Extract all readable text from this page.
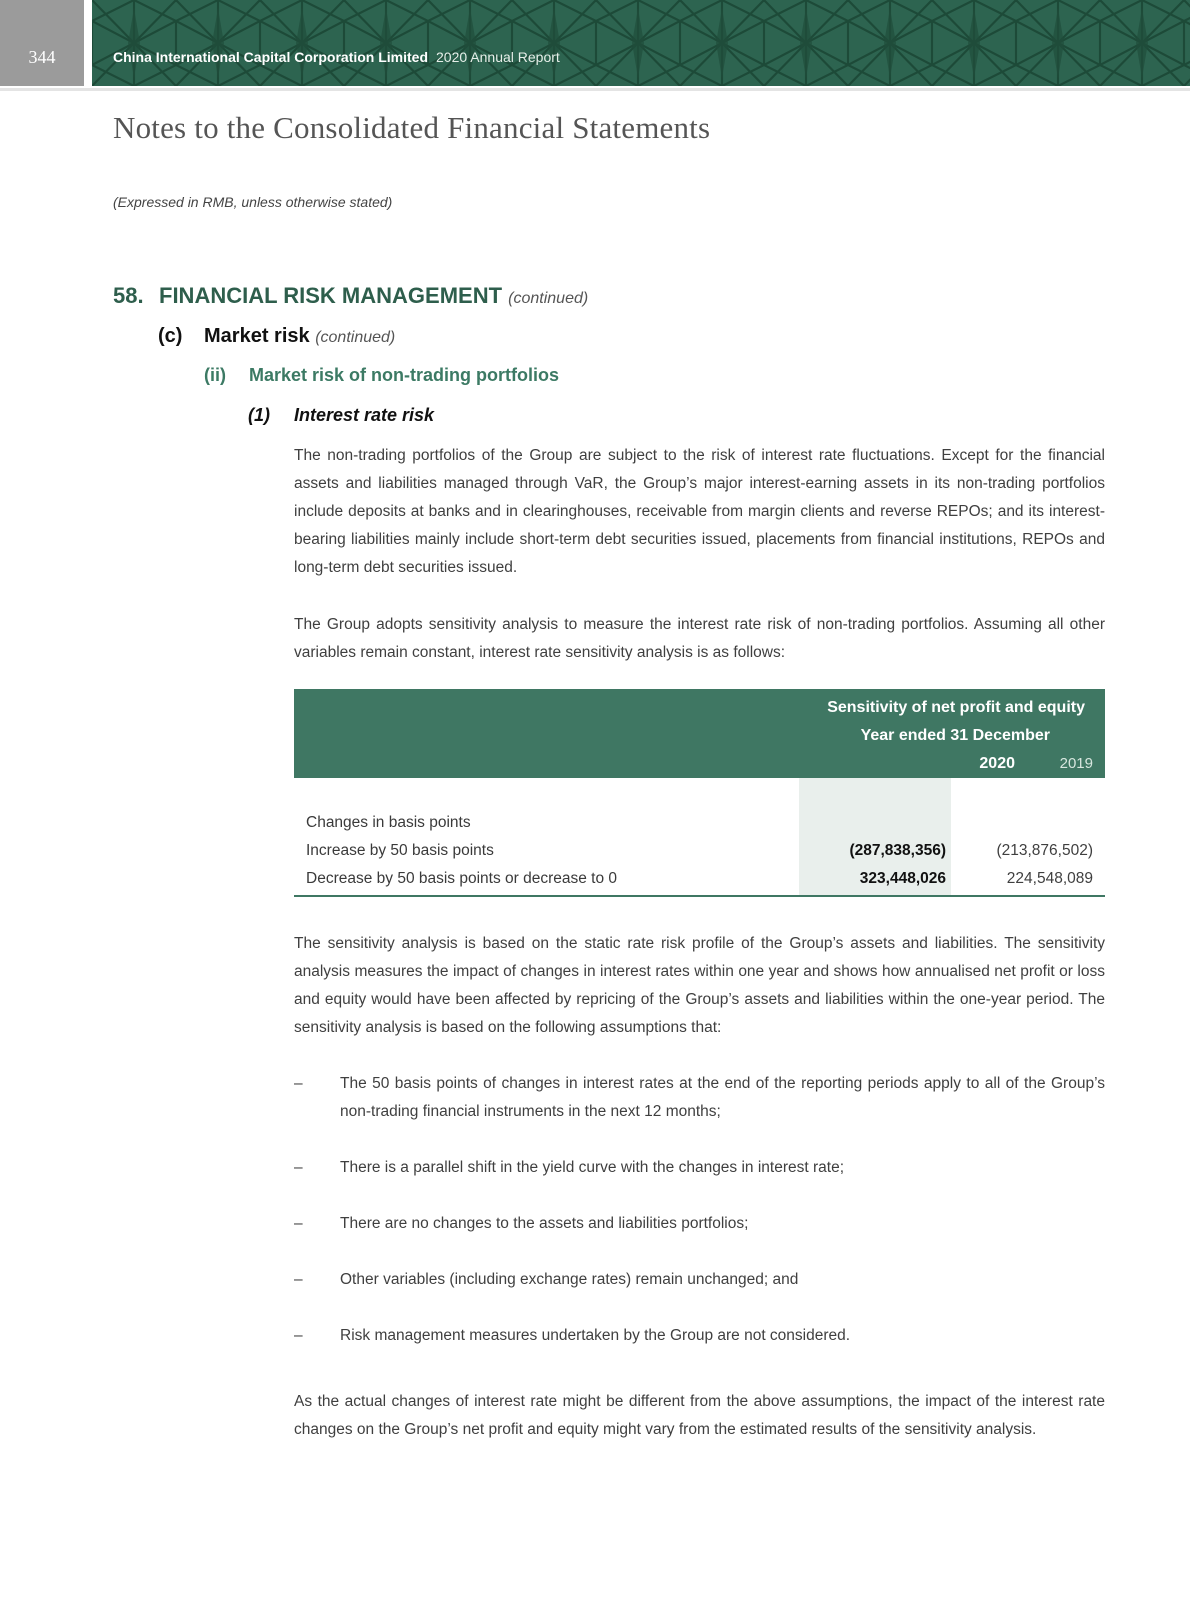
344	China International Capital Corporation Limited 2020 Annual Report
Notes to the Consolidated Financial Statements
(Expressed in RMB, unless otherwise stated)
58. FINANCIAL RISK MANAGEMENT (continued)
(c) Market risk (continued)
(ii) Market risk of non-trading portfolios
(1) Interest rate risk
The non-trading portfolios of the Group are subject to the risk of interest rate fluctuations. Except for the financial assets and liabilities managed through VaR, the Group’s major interest-earning assets in its non-trading portfolios include deposits at banks and in clearinghouses, receivable from margin clients and reverse REPOs; and its interest-bearing liabilities mainly include short-term debt securities issued, placements from financial institutions, REPOs and long-term debt securities issued.
The Group adopts sensitivity analysis to measure the interest rate risk of non-trading portfolios. Assuming all other variables remain constant, interest rate sensitivity analysis is as follows:
Sensitivity of net profit and equity
Year ended 31 December
2020	2019
Changes in basis points
Increase by 50 basis points	(287,838,356)	(213,876,502)
Decrease by 50 basis points or decrease to 0	323,448,026	224,548,089
The sensitivity analysis is based on the static rate risk profile of the Group’s assets and liabilities. The sensitivity analysis measures the impact of changes in interest rates within one year and shows how annualised net profit or loss and equity would have been affected by repricing of the Group’s assets and liabilities within the one-year period. The sensitivity analysis is based on the following assumptions that:
– The 50 basis points of changes in interest rates at the end of the reporting periods apply to all of the Group’s non-trading financial instruments in the next 12 months;
– There is a parallel shift in the yield curve with the changes in interest rate;
– There are no changes to the assets and liabilities portfolios;
– Other variables (including exchange rates) remain unchanged; and
– Risk management measures undertaken by the Group are not considered.
As the actual changes of interest rate might be different from the above assumptions, the impact of the interest rate changes on the Group’s net profit and equity might vary from the estimated results of the sensitivity analysis.
